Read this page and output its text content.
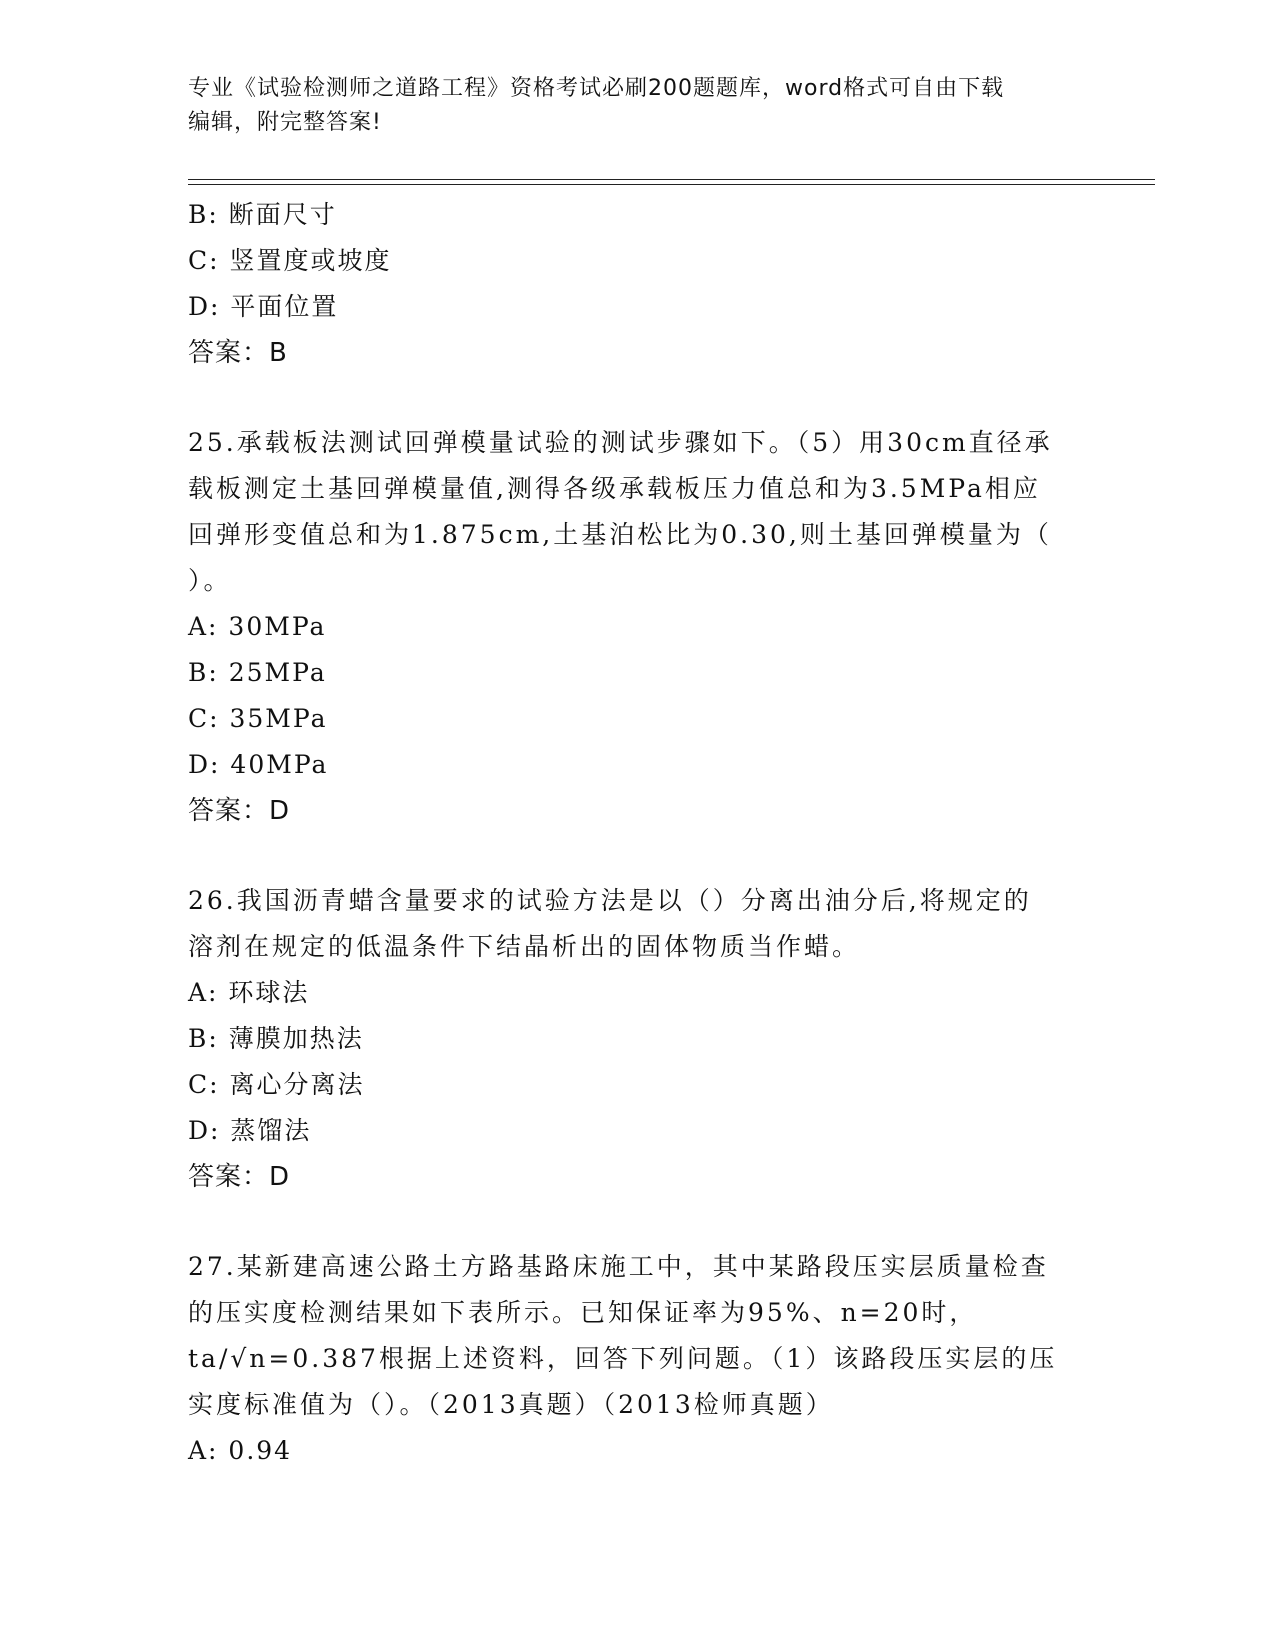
专业《试验检测师之道路工程》资格考试必刷200题题库，word格式可自由下载
编辑，附完整答案!
B: 断面尺寸
C: 竖置度或坡度
D: 平面位置
答案：B
25.承载板法测试回弹模量试验的测试步骤如下。（5）用30cm直径承
载板测定土基回弹模量值,测得各级承载板压力值总和为3.5MPa相应
回弹形变值总和为1.875cm,土基泊松比为0.30,则土基回弹模量为（
）。
A: 30MPa
B: 25MPa
C: 35MPa
D: 40MPa
答案：D
26.我国沥青蜡含量要求的试验方法是以（）分离出油分后,将规定的
溶剂在规定的低温条件下结晶析出的固体物质当作蜡。
A: 环球法
B: 薄膜加热法
C: 离心分离法
D: 蒸馏法
答案：D
27.某新建高速公路土方路基路床施工中，其中某路段压实层质量检查
的压实度检测结果如下表所示。已知保证率为95%、n=20时，
ta/√n=0.387根据上述资料，回答下列问题。（1）该路段压实层的压
实度标准值为（）。（2013真题）（2013检师真题）
A: 0.94
